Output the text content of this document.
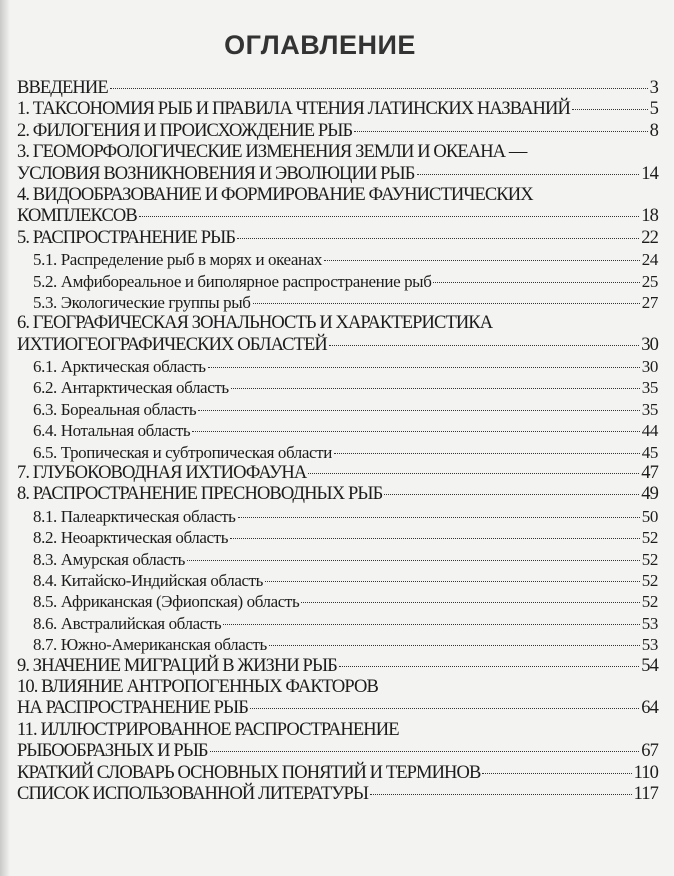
ОГЛАВЛЕНИЕ
ВВЕДЕНИЕ	3
1. ТАКСОНОМИЯ РЫБ И ПРАВИЛА ЧТЕНИЯ ЛАТИНСКИХ НАЗВАНИЙ	5
2. ФИЛОГЕНИЯ И ПРОИСХОЖДЕНИЕ РЫБ	8
3. ГЕОМОРФОЛОГИЧЕСКИЕ ИЗМЕНЕНИЯ ЗЕМЛИ И ОКЕАНА —
УСЛОВИЯ ВОЗНИКНОВЕНИЯ И ЭВОЛЮЦИИ РЫБ	14
4. ВИДООБРАЗОВАНИЕ И ФОРМИРОВАНИЕ ФАУНИСТИЧЕСКИХ
КОМПЛЕКСОВ	18
5. РАСПРОСТРАНЕНИЕ РЫБ	22
5.1. Распределение рыб в морях и океанах	24
5.2. Амфибореальное и биполярное распространение рыб	25
5.3. Экологические группы рыб	27
6. ГЕОГРАФИЧЕСКАЯ ЗОНАЛЬНОСТЬ И ХАРАКТЕРИСТИКА
ИХТИОГЕОГРАФИЧЕСКИХ ОБЛАСТЕЙ	30
6.1. Арктическая область	30
6.2. Антарктическая область	35
6.3. Бореальная область	35
6.4. Нотальная область	44
6.5. Тропическая и субтропическая области	45
7. ГЛУБОКОВОДНАЯ ИХТИОФАУНА	47
8. РАСПРОСТРАНЕНИЕ ПРЕСНОВОДНЫХ РЫБ	49
8.1. Палеарктическая область	50
8.2. Неоарктическая область	52
8.3. Амурская область	52
8.4. Китайско-Индийская область	52
8.5. Африканская (Эфиопская) область	52
8.6. Австралийская область	53
8.7. Южно-Американская область	53
9. ЗНАЧЕНИЕ МИГРАЦИЙ В ЖИЗНИ РЫБ	54
10. ВЛИЯНИЕ АНТРОПОГЕННЫХ ФАКТОРОВ
НА РАСПРОСТРАНЕНИЕ РЫБ	64
11. ИЛЛЮСТРИРОВАННОЕ РАСПРОСТРАНЕНИЕ
РЫБООБРАЗНЫХ И РЫБ	67
КРАТКИЙ СЛОВАРЬ ОСНОВНЫХ ПОНЯТИЙ И ТЕРМИНОВ	110
СПИСОК ИСПОЛЬЗОВАННОЙ ЛИТЕРАТУРЫ	117
